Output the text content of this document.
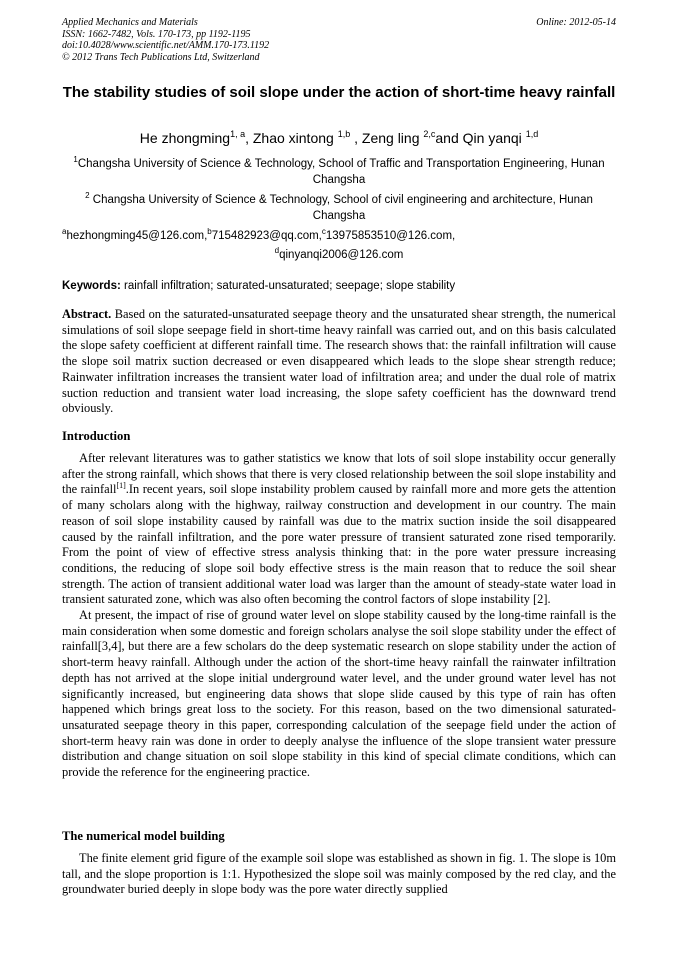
Applied Mechanics and Materials
ISSN: 1662-7482, Vols. 170-173, pp 1192-1195
doi:10.4028/www.scientific.net/AMM.170-173.1192
© 2012 Trans Tech Publications Ltd, Switzerland
Online: 2012-05-14
The stability studies of soil slope under the action of short-time heavy rainfall
He zhongming$^{1, a}$, Zhao xintong $^{1,b}$ , Zeng ling $^{2,c}$and Qin yanqi $^{1,d}$
$^1$Changsha University of Science & Technology, School of Traffic and Transportation Engineering, Hunan Changsha
$^2$ Changsha University of Science & Technology, School of civil engineering and architecture, Hunan Changsha
$^a$hezhongming45@126.com,$^b$715482923@qq.com,$^c$13975853510@126.com,
$^d$qinyanqi2006@126.com
Keywords: rainfall infiltration; saturated-unsaturated; seepage; slope stability
Abstract. Based on the saturated-unsaturated seepage theory and the unsaturated shear strength, the numerical simulations of soil slope seepage field in short-time heavy rainfall was carried out, and on this basis calculated the slope safety coefficient at different rainfall time. The research shows that: the rainfall infiltration will cause the slope soil matrix suction decreased or even disappeared which leads to the slope shear strength reduce; Rainwater infiltration increases the transient water load of infiltration area; and under the dual role of matrix suction reduction and transient water load increasing, the slope safety coefficient has the downward trend obviously.
Introduction

After relevant literatures was to gather statistics we know that lots of soil slope instability occur generally after the strong rainfall, which shows that there is very closed relationship between the soil slope instability and the rainfall[1].In recent years, soil slope instability problem caused by rainfall more and more gets the attention of many scholars along with the highway, railway construction and development in our country. The main reason of soil slope instability caused by rainfall was due to the matrix suction inside the soil disappeared caused by the rainfall infiltration, and the pore water pressure of transient saturated zone rised temporarily. From the point of view of effective stress analysis thinking that: in the pore water pressure increasing conditions, the reducing of slope soil body effective stress is the main reason that to reduce the soil shear strength. The action of transient additional water load was larger than the amount of steady-state water load in transient saturated zone, which was also often becoming the control factors of slope instability [2].

At present, the impact of rise of ground water level on slope stability caused by the long-time rainfall is the main consideration when some domestic and foreign scholars analyse the soil slope stability under the effect of rainfall[3,4], but there are a few scholars do the deep systematic research on slope stability under the action of short-term heavy rainfall. Although under the action of the short-time heavy rainfall the rainwater infiltration depth has not arrived at the slope initial underground water level, and the under ground water level has not significantly increased, but engineering data shows that slope slide caused by this type of rain has often happened which brings great loss to the society. For this reason, based on the two dimensional saturated-unsaturated seepage theory in this paper, corresponding calculation of the seepage field under the action of short-term heavy rain was done in order to deeply analyse the influence of the slope transient water pressure distribution and change situation on soil slope stability in this kind of special climate conditions, which can provide the reference for the engineering practice.

The numerical model building

The finite element grid figure of the example soil slope was established as shown in fig. 1. The slope is 10m tall, and the slope proportion is 1:1. Hypothesized the slope soil was mainly composed by the red clay, and the groundwater buried deeply in slope body was the pore water directly supplied
